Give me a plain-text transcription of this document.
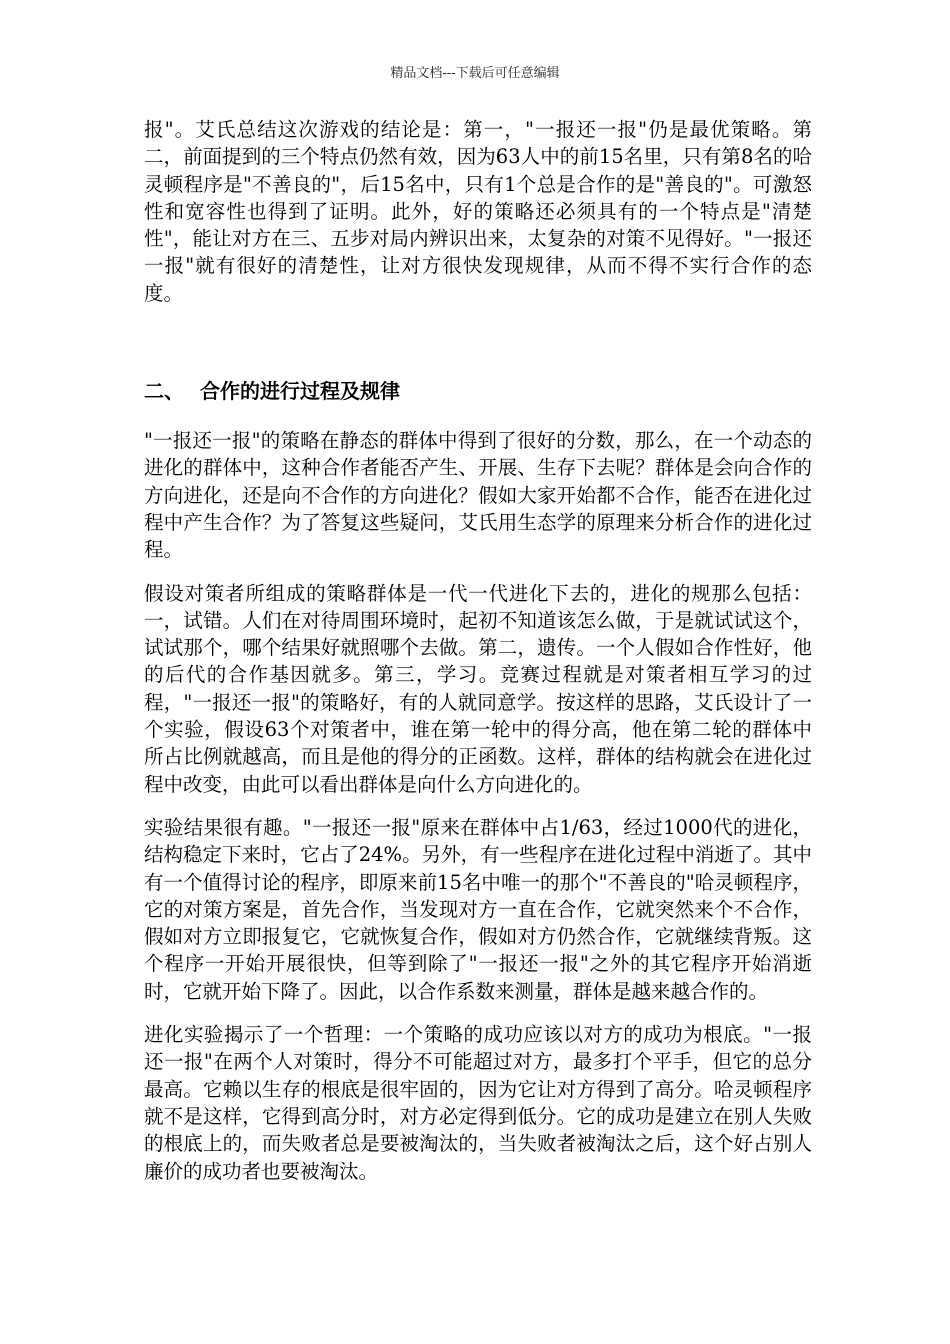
精品文档---下载后可任意编辑

报"。艾氏总结这次游戏的结论是：第一，"一报还一报"仍是最优策略。第二，前面提到的三个特点仍然有效，因为63人中的前15名里，只有第8名的哈灵顿程序是"不善良的"，后15名中，只有1个总是合作的是"善良的"。可激怒性和宽容性也得到了证明。此外，好的策略还必须具有的一个特点是"清楚性"，能让对方在三、五步对局内辨识出来，太复杂的对策不见得好。"一报还一报"就有很好的清楚性，让对方很快发现规律，从而不得不实行合作的态度。

二、 合作的进行过程及规律

"一报还一报"的策略在静态的群体中得到了很好的分数，那么，在一个动态的进化的群体中，这种合作者能否产生、开展、生存下去呢？群体是会向合作的方向进化，还是向不合作的方向进化？假如大家开始都不合作，能否在进化过程中产生合作？为了答复这些疑问，艾氏用生态学的原理来分析合作的进化过程。

假设对策者所组成的策略群体是一代一代进化下去的，进化的规那么包括：一，试错。人们在对待周围环境时，起初不知道该怎么做，于是就试试这个，试试那个，哪个结果好就照哪个去做。第二，遗传。一个人假如合作性好，他的后代的合作基因就多。第三，学习。竞赛过程就是对策者相互学习的过程，"一报还一报"的策略好，有的人就同意学。按这样的思路，艾氏设计了一个实验，假设63个对策者中，谁在第一轮中的得分高，他在第二轮的群体中所占比例就越高，而且是他的得分的正函数。这样，群体的结构就会在进化过程中改变，由此可以看出群体是向什么方向进化的。

实验结果很有趣。"一报还一报"原来在群体中占1/63，经过1000代的进化，结构稳定下来时，它占了24%。另外，有一些程序在进化过程中消逝了。其中有一个值得讨论的程序，即原来前15名中唯一的那个"不善良的"哈灵顿程序，它的对策方案是，首先合作，当发现对方一直在合作，它就突然来个不合作，假如对方立即报复它，它就恢复合作，假如对方仍然合作，它就继续背叛。这个程序一开始开展很快，但等到除了"一报还一报"之外的其它程序开始消逝时，它就开始下降了。因此，以合作系数来测量，群体是越来越合作的。

进化实验揭示了一个哲理：一个策略的成功应该以对方的成功为根底。"一报还一报"在两个人对策时，得分不可能超过对方，最多打个平手，但它的总分最高。它赖以生存的根底是很牢固的，因为它让对方得到了高分。哈灵顿程序就不是这样，它得到高分时，对方必定得到低分。它的成功是建立在别人失败的根底上的，而失败者总是要被淘汰的，当失败者被淘汰之后，这个好占别人廉价的成功者也要被淘汰。
